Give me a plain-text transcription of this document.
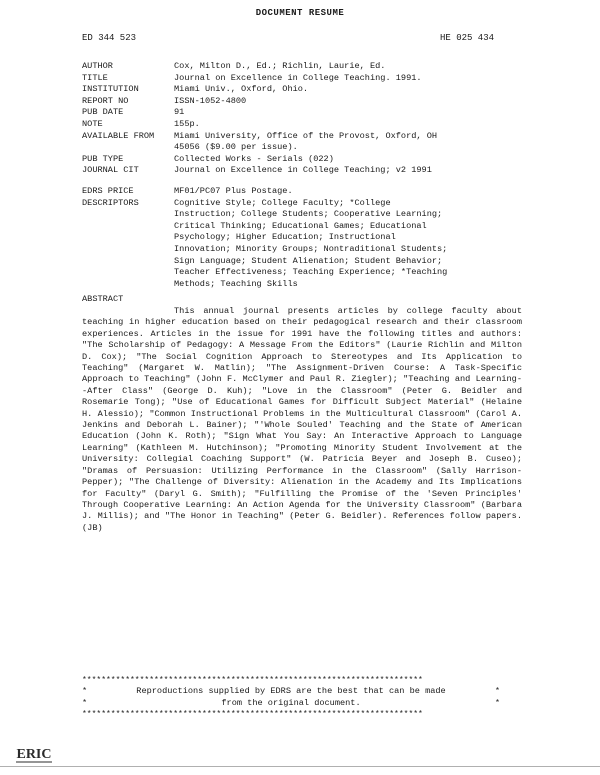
DOCUMENT RESUME
ED 344 523	HE 025 434
AUTHOR	Cox, Milton D., Ed.; Richlin, Laurie, Ed.
TITLE	Journal on Excellence in College Teaching. 1991.
INSTITUTION	Miami Univ., Oxford, Ohio.
REPORT NO	ISSN-1052-4800
PUB DATE	91
NOTE	155p.
AVAILABLE FROM	Miami University, Office of the Provost, Oxford, OH
45056 ($9.00 per issue).
PUB TYPE	Collected Works - Serials (022)
JOURNAL CIT	Journal on Excellence in College Teaching; v2 1991
EDRS PRICE	MF01/PC07 Plus Postage.
DESCRIPTORS	Cognitive Style; College Faculty; *College
Instruction; College Students; Cooperative Learning;
Critical Thinking; Educational Games; Educational
Psychology; Higher Education; Instructional
Innovation; Minority Groups; Nontraditional Students;
Sign Language; Student Alienation; Student Behavior;
Teacher Effectiveness; Teaching Experience; *Teaching
Methods; Teaching Skills
ABSTRACT

This annual journal presents articles by college faculty about teaching in higher education based on their pedagogical research and their classroom experiences. Articles in the issue for 1991 have the following titles and authors: "The Scholarship of Pedagogy: A Message From the Editors" (Laurie Richlin and Milton D. Cox); "The Social Cognition Approach to Stereotypes and Its Application to Teaching" (Margaret W. Matlin); "The Assignment-Driven Course: A Task-Specific Approach to Teaching" (John F. McClymer and Paul R. Ziegler); "Teaching and Learning--After Class" (George D. Kuh); "Love in the Classroom" (Peter G. Beidler and Rosemarie Tong); "Use of Educational Games for Difficult Subject Material" (Helaine H. Alessio); "Common Instructional Problems in the Multicultural Classroom" (Carol A. Jenkins and Deborah L. Bainer); "'Whole Souled' Teaching and the State of American Education (John K. Roth); "Sign What You Say: An Interactive Approach to Language Learning" (Kathleen M. Hutchinson); "Promoting Minority Student Involvement at the University: Collegial Coaching Support" (W. Patricia Beyer and Joseph B. Cuseo); "Dramas of Persuasion: Utilizing Performance in the Classroom" (Sally Harrison-Pepper); "The Challenge of Diversity: Alienation in the Academy and Its Implications for Faculty" (Daryl G. Smith); "Fulfilling the Promise of the 'Seven Principles' Through Cooperative Learning: An Action Agenda for the University Classroom" (Barbara J. Millis); and "The Honor in Teaching" (Peter G. Beidler). References follow papers. (JB)

***********************************************************************
*	Reproductions supplied by EDRS are the best that can be made	*
*	from the original document.	*
***********************************************************************
ERIC
